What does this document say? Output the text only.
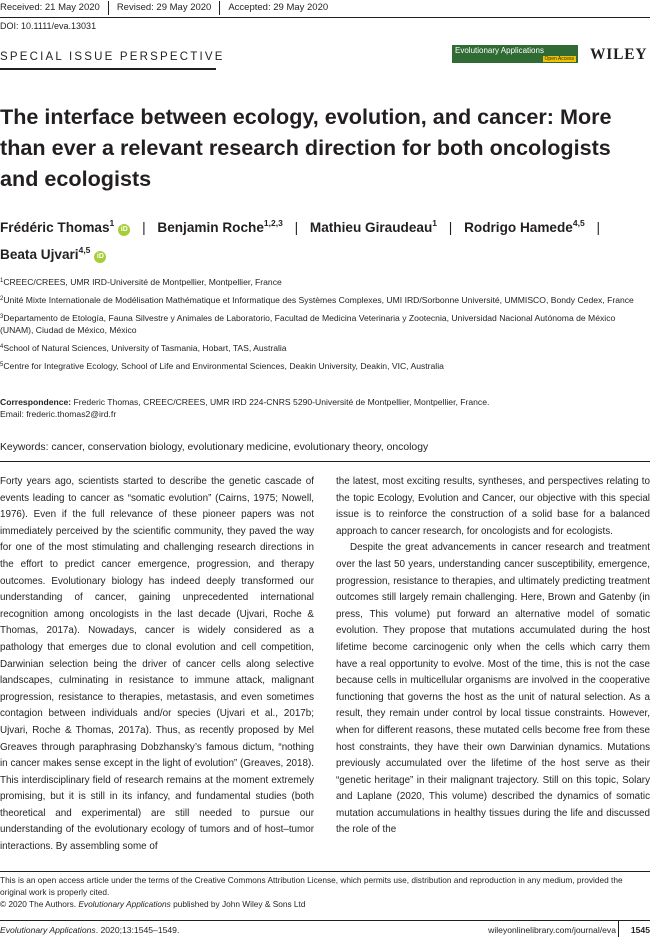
Received: 21 May 2020	Revised: 29 May 2020	Accepted: 29 May 2020
DOI: 10.1111/eva.13031
SPECIAL ISSUE PERSPECTIVE
Evolutionary Applications
Open Access WILEY
The interface between ecology, evolution, and cancer: More than ever a relevant research direction for both oncologists and ecologists
Frédéric Thomas$^1$iD | Benjamin Roche$^{1,2,3}$ | Mathieu Giraudeau$^1$ | Rodrigo Hamede$^{4,5}$ |
Beata Ujvari$^{4,5}$iD

$^1$CREEC/CREES, UMR IRD-Université de Montpellier, Montpellier, France

$^2$Unité Mixte Internationale de Modélisation Mathématique et Informatique des Systèmes Complexes, UMI IRD/Sorbonne Université, UMMISCO, Bondy Cedex, France

$^3$Departamento de Etología, Fauna Silvestre y Animales de Laboratorio, Facultad de Medicina Veterinaria y Zootecnia, Universidad Nacional Autónoma de México (UNAM), Ciudad de México, México

$^4$School of Natural Sciences, University of Tasmania, Hobart, TAS, Australia

$^5$Centre for Integrative Ecology, School of Life and Environmental Sciences, Deakin University, Deakin, VIC, Australia

Correspondence: Frederic Thomas, CREEC/CREES, UMR IRD 224-CNRS 5290-Université de Montpellier, Montpellier, France.

Email: frederic.thomas2@ird.fr

Keywords: cancer, conservation biology, evolutionary medicine, evolutionary theory, oncology

Forty years ago, scientists started to describe the genetic cascade of events leading to cancer as “somatic evolution” (Cairns, 1975; Nowell, 1976). Even if the full relevance of these pioneer papers was not immediately perceived by the scientific community, they paved the way for one of the most stimulating and challenging research directions in the effort to predict cancer emergence, progression, and therapy outcomes. Evolutionary biology has indeed deeply transformed our understanding of cancer, gaining unprecedented international recognition among oncologists in the last decade (Ujvari, Roche & Thomas, 2017a). Nowadays, cancer is widely considered as a pathology that emerges due to clonal evolution and cell competition, Darwinian selection being the driver of cancer cells along selective landscapes, culminating in resistance to immune attack, malignant progression, resistance to therapies, metastasis, and even sometimes contagion between individuals and/or species (Ujvari et al., 2017b; Ujvari, Roche & Thomas, 2017a). Thus, as recently proposed by Mel Greaves through paraphrasing Dobzhansky’s famous dictum, “nothing in cancer makes sense except in the light of evolution” (Greaves, 2018). This interdisciplinary field of research remains at the moment extremely promising, but it is still in its infancy, and fundamental studies (both theoretical and experimental) are still needed to pursue our understanding of the evolutionary ecology of tumors and of host–tumor interactions. By assembling some of

the latest, most exciting results, syntheses, and perspectives relating to the topic Ecology, Evolution and Cancer, our objective with this special issue is to reinforce the construction of a solid base for a balanced approach to cancer research, for oncologists and for ecologists.

Despite the great advancements in cancer research and treatment over the last 50 years, understanding cancer susceptibility, emergence, progression, resistance to therapies, and ultimately predicting treatment outcomes still largely remain challenging. Here, Brown and Gatenby (in press, This volume) put forward an alternative model of somatic evolution. They propose that mutations accumulated during the host lifetime become carcinogenic only when the cells which carry them have a real opportunity to evolve. Most of the time, this is not the case because cells in multicellular organisms are involved in the cooperative functioning that governs the host as the unit of natural selection. As a result, they remain under control by local tissue constraints. However, when for different reasons, these mutated cells become free from these host constraints, they have their own Darwinian dynamics. Mutations previously accumulated over the lifetime of the host serve as their “genetic heritage” in their malignant trajectory. Still on this topic, Solary and Laplane (2020, This volume) described the dynamics of somatic mutation accumulations in healthy tissues during the life and discussed the role of the

This is an open access article under the terms of the Creative Commons Attribution License, which permits use, distribution and reproduction in any medium, provided the original work is properly cited.

© 2020 The Authors. Evolutionary Applications published by John Wiley & Sons Ltd

Evolutionary Applications. 2020;13:1545–1549.	wileyonlinelibrary.com/journal/eva 1545
